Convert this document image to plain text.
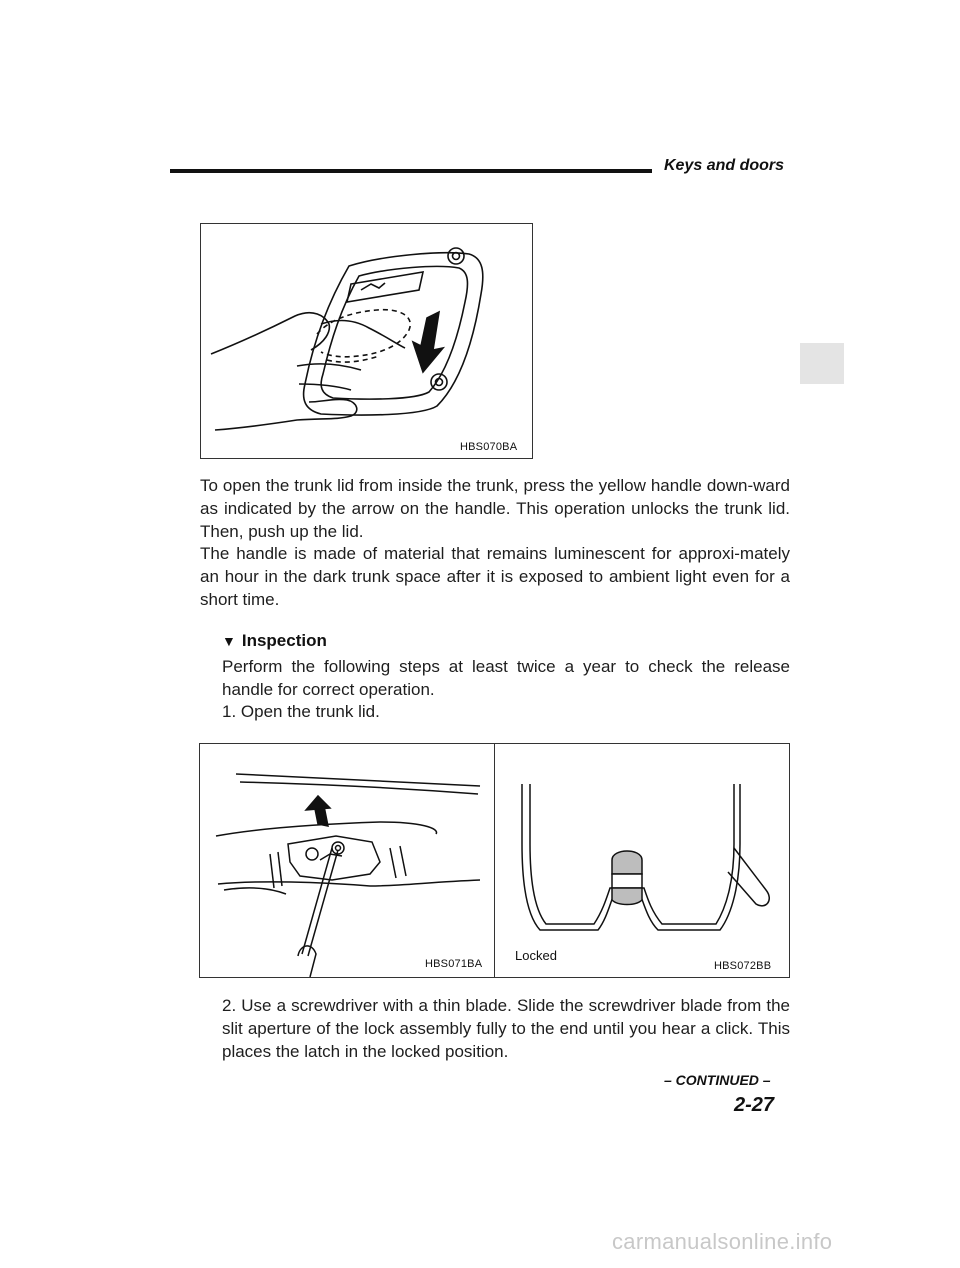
Keys and doors
HBS070BA

To open the trunk lid from inside the trunk, press the yellow handle down-ward as indicated by the arrow on the handle. This operation unlocks the trunk lid. Then, push up the lid.

The handle is made of material that remains luminescent for approxi-mately an hour in the dark trunk space after it is exposed to ambient light even for a short time.

▼ Inspection

Perform the following steps at least twice a year to check the release handle for correct operation.

1. Open the trunk lid.
HBS071BA
Locked
HBS072BB

2. Use a screwdriver with a thin blade. Slide the screwdriver blade from the slit aperture of the lock assembly fully to the end until you hear a click. This places the latch in the locked position.

– CONTINUED –
2-27
carmanualsonline.info
